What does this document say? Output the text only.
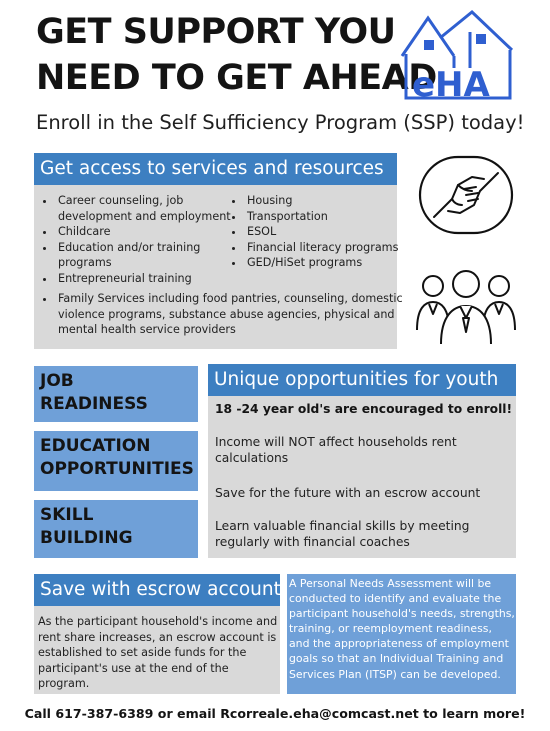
GET SUPPORT YOU
NEED TO GET AHEAD
eHA
Enroll in the Self Sufficiency Program (SSP) today!
Get access to services and resources
• Career counseling, job development and employment
• Childcare
• Education and/or training programs
• Entrepreneurial training
• Housing
• Transportation
• ESOL
• Financial literacy programs
• GED/HiSet programs
• Family Services including food pantries, counseling, domestic violence programs, substance abuse agencies, physical and mental health service providers
JOB
READINESS
EDUCATION
OPPORTUNITIES
SKILL
BUILDING
Unique opportunities for youth
18 -24 year old's are encouraged to enroll!

Income will NOT affect households rent calculations

Save for the future with an escrow account

Learn valuable financial skills by meeting regularly with financial coaches

Save with escrow account

As the participant household's income and rent share increases, an escrow account is established to set aside funds for the participant's use at the end of the program.

A Personal Needs Assessment will be conducted to identify and evaluate the participant household's needs, strengths, training, or reemployment readiness, and the appropriateness of employment goals so that an Individual Training and Services Plan (ITSP) can be developed.

Call 617-387-6389 or email Rcorreale.eha@comcast.net to learn more!
